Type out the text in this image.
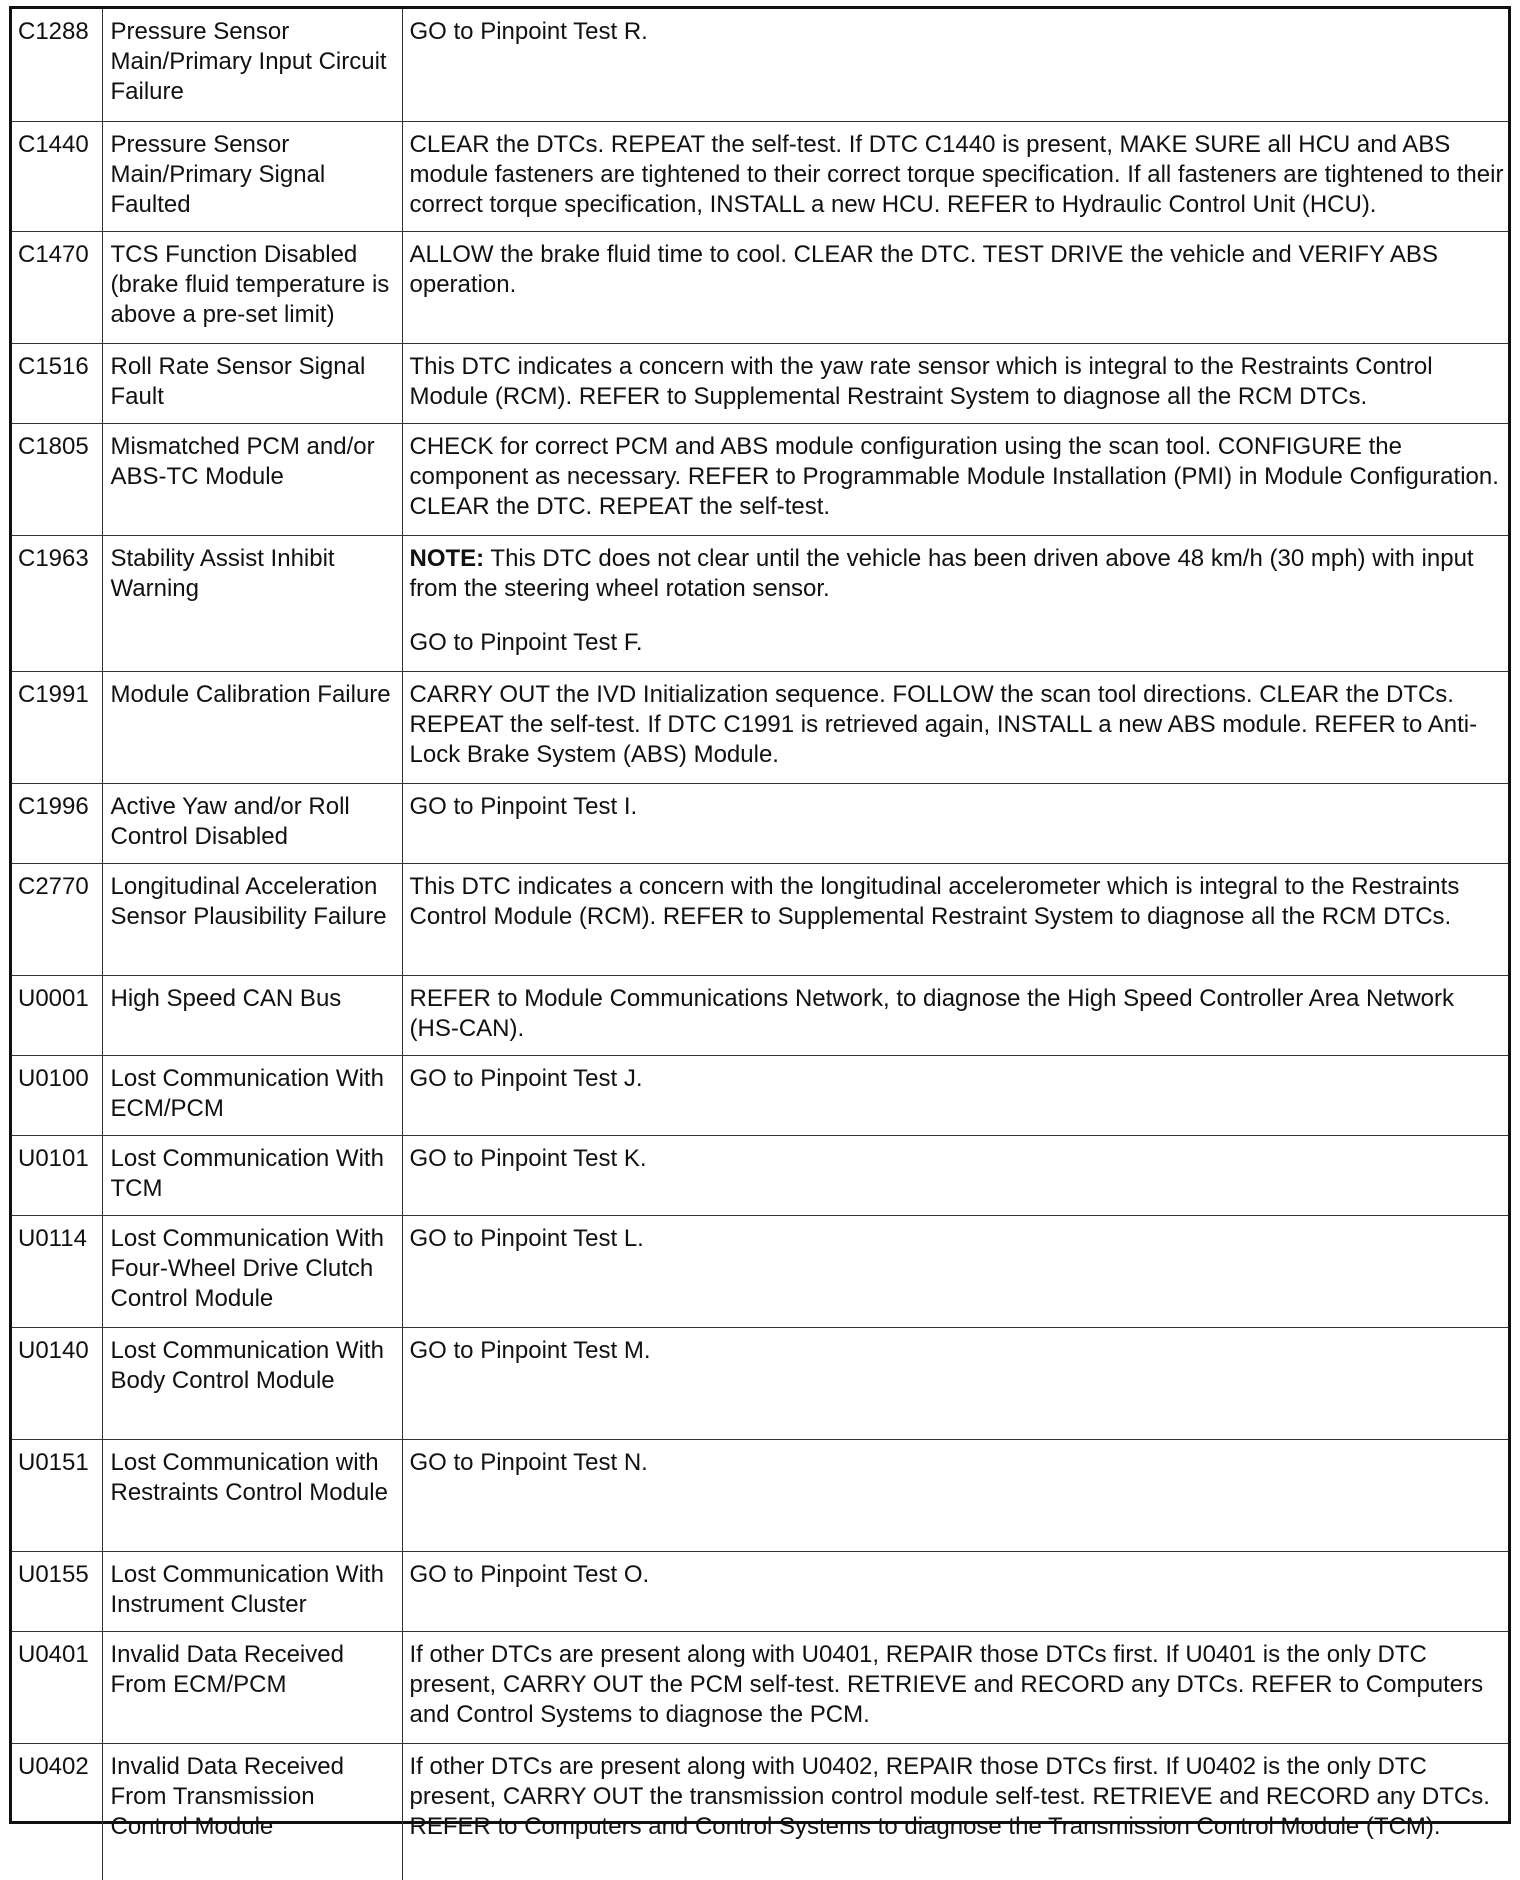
C1288	Pressure Sensor Main/Primary Input Circuit Failure	GO to Pinpoint Test R.
C1440	Pressure Sensor Main/Primary Signal Faulted	CLEAR the DTCs. REPEAT the self-test. If DTC C1440 is present, MAKE SURE all HCU and ABS module fasteners are tightened to their correct torque specification. If all fasteners are tightened to their correct torque specification, INSTALL a new HCU. REFER to Hydraulic Control Unit (HCU).
C1470	TCS Function Disabled (brake fluid temperature is above a pre-set limit)	ALLOW the brake fluid time to cool. CLEAR the DTC. TEST DRIVE the vehicle and VERIFY ABS operation.
C1516	Roll Rate Sensor Signal Fault	This DTC indicates a concern with the yaw rate sensor which is integral to the Restraints Control Module (RCM). REFER to Supplemental Restraint System to diagnose all the RCM DTCs.
C1805	Mismatched PCM and/or ABS-TC Module	CHECK for correct PCM and ABS module configuration using the scan tool. CONFIGURE the component as necessary. REFER to Programmable Module Installation (PMI) in Module Configuration. CLEAR the DTC. REPEAT the self-test.
C1963	Stability Assist Inhibit Warning	NOTE: This DTC does not clear until the vehicle has been driven above 48 km/h (30 mph) with input from the steering wheel rotation sensor.
GO to Pinpoint Test F.

C1991	Module Calibration Failure	CARRY OUT the IVD Initialization sequence. FOLLOW the scan tool directions. CLEAR the DTCs. REPEAT the self-test. If DTC C1991 is retrieved again, INSTALL a new ABS module. REFER to Anti-Lock Brake System (ABS) Module.
C1996	Active Yaw and/or Roll Control Disabled	GO to Pinpoint Test I.
C2770	Longitudinal Acceleration Sensor Plausibility Failure	This DTC indicates a concern with the longitudinal accelerometer which is integral to the Restraints Control Module (RCM). REFER to Supplemental Restraint System to diagnose all the RCM DTCs.
U0001	High Speed CAN Bus	REFER to Module Communications Network, to diagnose the High Speed Controller Area Network (HS-CAN).
U0100	Lost Communication With ECM/PCM	GO to Pinpoint Test J.
U0101	Lost Communication With TCM	GO to Pinpoint Test K.
U0114	Lost Communication With Four-Wheel Drive Clutch Control Module	GO to Pinpoint Test L.
U0140	Lost Communication With Body Control Module	GO to Pinpoint Test M.
U0151	Lost Communication with Restraints Control Module	GO to Pinpoint Test N.
U0155	Lost Communication With Instrument Cluster	GO to Pinpoint Test O.
U0401	Invalid Data Received From ECM/PCM	If other DTCs are present along with U0401, REPAIR those DTCs first. If U0401 is the only DTC present, CARRY OUT the PCM self-test. RETRIEVE and RECORD any DTCs. REFER to Computers and Control Systems to diagnose the PCM.
U0402	Invalid Data Received From Transmission Control Module	If other DTCs are present along with U0402, REPAIR those DTCs first. If U0402 is the only DTC present, CARRY OUT the transmission control module self-test. RETRIEVE and RECORD any DTCs. REFER to Computers and Control Systems to diagnose the Transmission Control Module (TCM).
